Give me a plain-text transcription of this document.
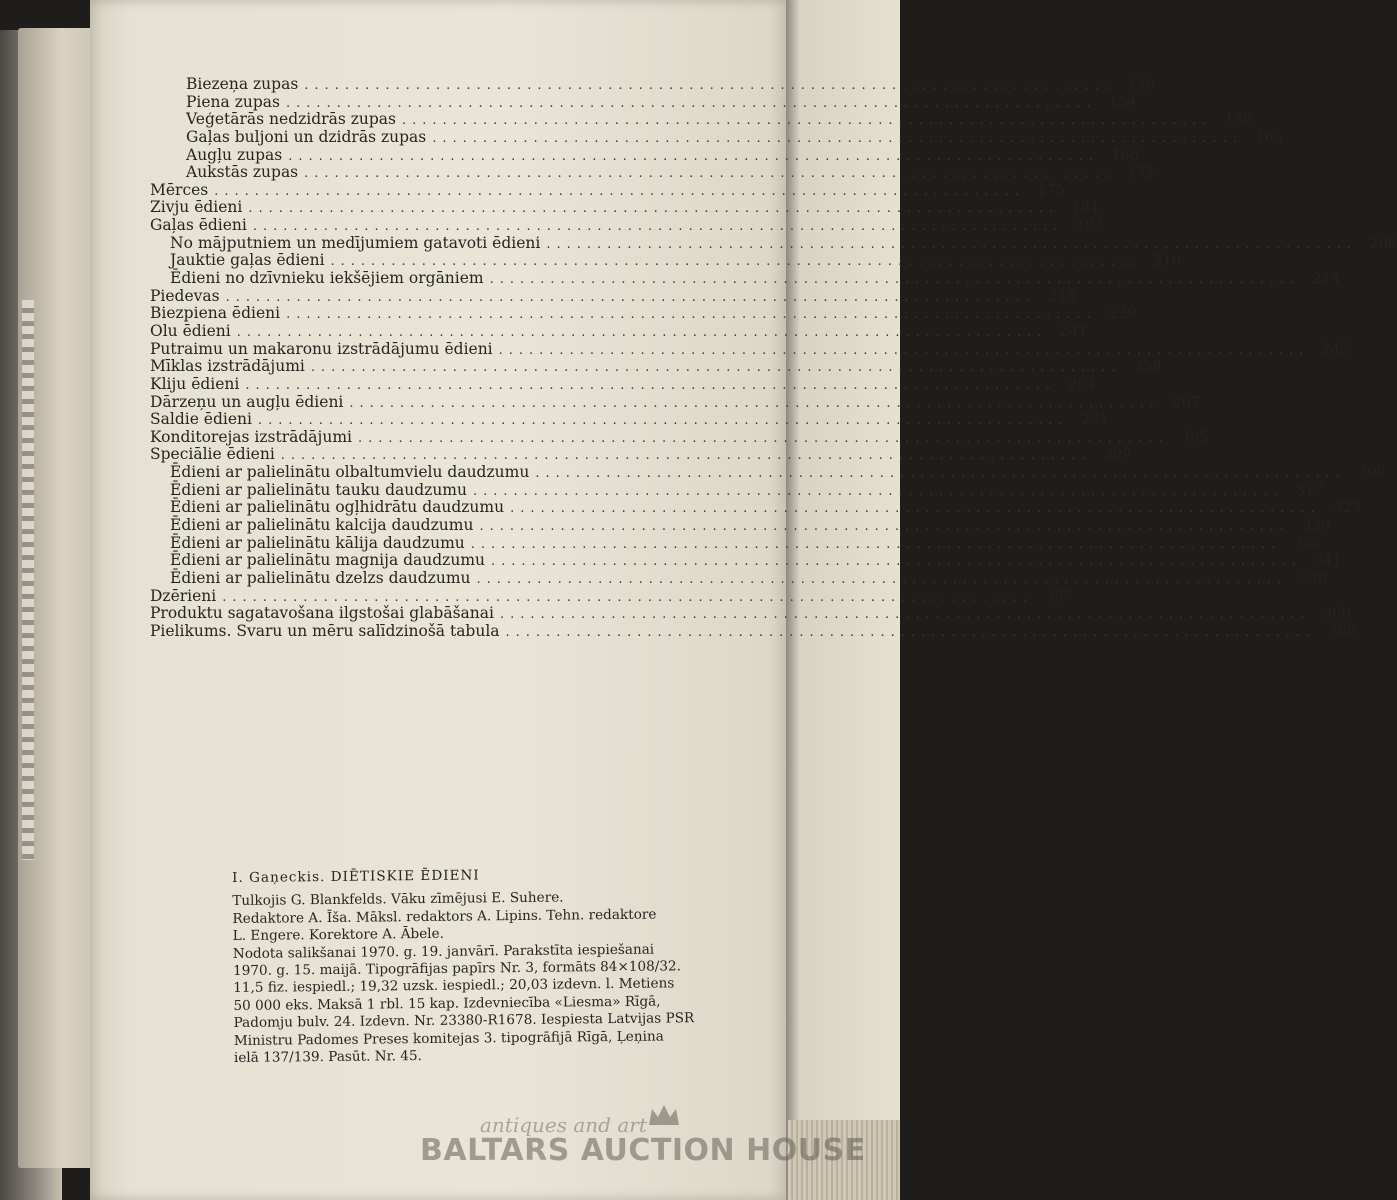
Biezeņa zupas ................................................................................ 149
Piena zupas ................................................................................ 154
Veģetārās nedzidrās zupas ................................................................................ 158
Gaļas buljoni un dzidrās zupas ................................................................................ 165
Augļu zupas ................................................................................ 168
Aukstās zupas ................................................................................ 172
Mērces ................................................................................ 175
Zivju ēdieni ................................................................................ 184
Gaļas ēdieni ................................................................................ 193
No mājputniem un medījumiem gatavoti ēdieni ................................................................................ 206
Jauktie gaļas ēdieni ................................................................................ 210
Ēdieni no dzīvnieku iekšējiem orgāniem ................................................................................ 214
Piedevas ................................................................................ 218
Biezpiena ēdieni ................................................................................ 229
Olu ēdieni ................................................................................ 241
Putraimu un makaronu izstrādājumu ēdieni ................................................................................ 245
Mīklas izstrādājumi ................................................................................ 258
Kliju ēdieni ................................................................................ 264
Dārzeņu un augļu ēdieni ................................................................................ 267
Saldie ēdieni ................................................................................ 291
Konditorejas izstrādājumi ................................................................................ 305
Speciālie ēdieni ................................................................................ 309
Ēdieni ar palielinātu olbaltumvielu daudzumu ................................................................................ 309
Ēdieni ar palielinātu tauku daudzumu ................................................................................ 317
Ēdieni ar palielinātu ogļhidrātu daudzumu ................................................................................ 323
Ēdieni ar palielinātu kalcija daudzumu ................................................................................ 330
Ēdieni ar palielinātu kālija daudzumu ................................................................................ 335
Ēdieni ar palielinātu magnija daudzumu ................................................................................ 341
Ēdieni ar palielinātu dzelzs daudzumu ................................................................................ 348
Dzērieni ................................................................................ 357
Produktu sagatavošana ilgstošai glabāšanai ................................................................................ 360
Pielikums. Svaru un mēru salīdzinošā tabula ................................................................................ 366
I. Gaņeckis. DIĒTISKIE ĒDIENI

Tulkojis G. Blankfelds. Vāku zīmējusi E. Suhere.

Redaktore A. Īša. Māksl. redaktors A. Lipins. Tehn. redaktore

L. Engere. Korektore A. Ābele.

Nodota salikšanai 1970. g. 19. janvārī. Parakstīta iespiešanai

1970. g. 15. maijā. Tipogrāfijas papīrs Nr. 3, formāts 84×108/32.

11,5 fiz. iespiedl.; 19,32 uzsk. iespiedl.; 20,03 izdevn. l. Metiens

50 000 eks. Maksā 1 rbl. 15 kap. Izdevniecība «Liesma» Rīgā,

Padomju bulv. 24. Izdevn. Nr. 23380-R1678. Iespiesta Latvijas PSR

Ministru Padomes Preses komitejas 3. tipogrāfijā Rīgā, Ļeņina

ielā 137/139. Pasūt. Nr. 45.

antiques and art
BALTARS AUCTION HOUSE
